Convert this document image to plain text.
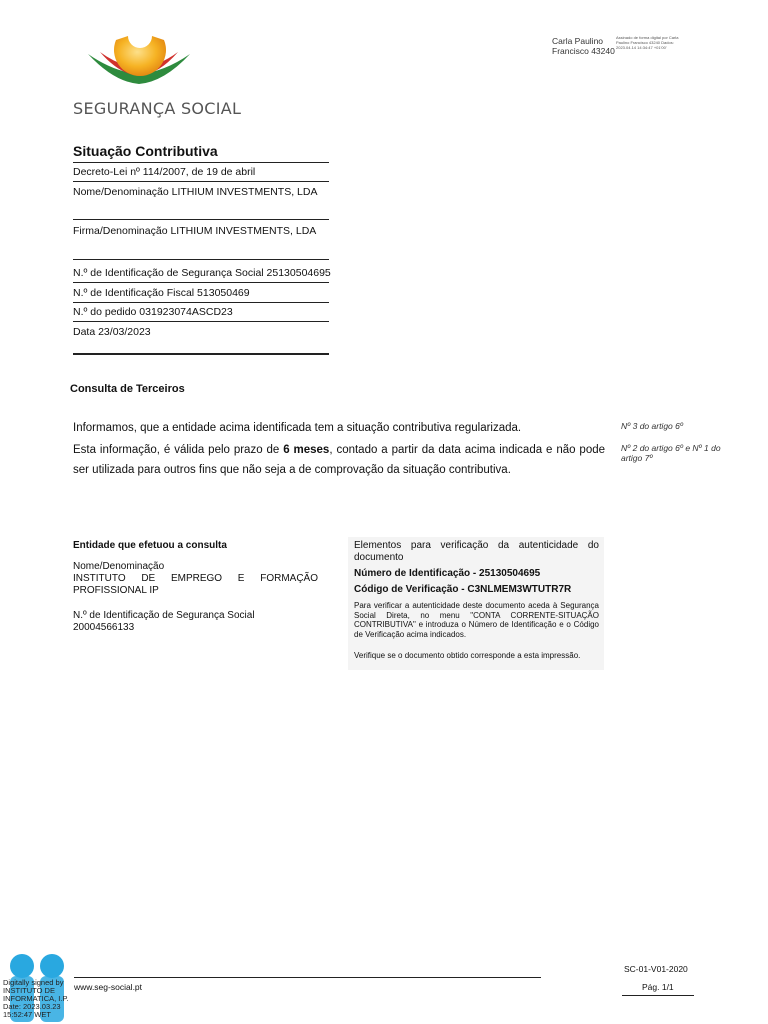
SEGURANÇA SOCIAL
Carla Paulino
Francisco 43240
Assinado de forma digital por Carla Paulino Francisco 43240 Dados: 2023.04.14 14:34:47 +01'00'
Situação Contributiva
Decreto-Lei nº 114/2007, de 19 de abril
Nome/Denominação LITHIUM INVESTMENTS, LDA
Firma/Denominação LITHIUM INVESTMENTS, LDA
N.º de Identificação de Segurança Social 25130504695
N.º de Identificação Fiscal 513050469
N.º do pedido 031923074ASCD23
Data 23/03/2023
Consulta de Terceiros
Informamos, que a entidade acima identificada tem a situação contributiva regularizada.
Esta informação, é válida pelo prazo de 6 meses, contado a partir da data acima indicada e não pode ser utilizada para outros fins que não seja a de comprovação da situação contributiva.
Nº 3 do artigo 6º
Nº 2 do artigo 6º e Nº 1 do artigo 7º
Entidade que efetuou a consulta
Nome/Denominação
INSTITUTO DE EMPREGO E FORMAÇÃO PROFISSIONAL IP
N.º de Identificação de Segurança Social
20004566133
Elementos para verificação da autenticidade do documento
Número de Identificação - 25130504695
Código de Verificação - C3NLMEM3WTUTR7R
Para verificar a autenticidade deste documento aceda à Segurança Social Direta, no menu "CONTA CORRENTE-SITUAÇÃO CONTRIBUTIVA" e introduza o Número de Identificação e o Código de Verificação acima indicados.
Verifique se o documento obtido corresponde a esta impressão.
www.seg-social.pt
SC-01-V01-2020
Pág. 1/1
Digitally signed by INSTITUTO DE INFORMATICA, I.P. Date: 2023.03.23 15:52:47 WET
